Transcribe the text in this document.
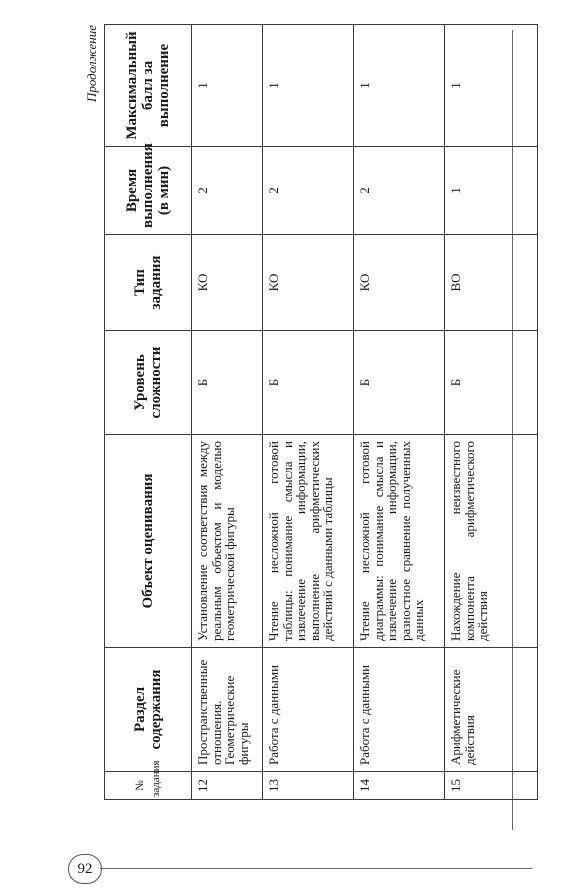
Продолжение
№ задания	Раздел содержания	Объект оценивания	Уровень сложности	Тип задания	Время выполнения (в мин)	Максимальный балл за выполнение
12	Пространственные отношения. Геометрические фигуры	Установление соответствия между реальным объектом и моделью геометрической фигуры	Б	КО	2	1
13	Работа с данными	Чтение несложной готовой таблицы: понимание смысла и извлечение информации, выполнение арифметических действий с данными таблицы	Б	КО	2	1
14	Работа с данными	Чтение несложной готовой диаграммы: понимание смысла и извлечение информации, разностное сравнение полученных данных	Б	КО	2	1
15	Арифметические действия	Нахождение неизвестного компонента арифметического действия	Б	ВО	1	1
92
